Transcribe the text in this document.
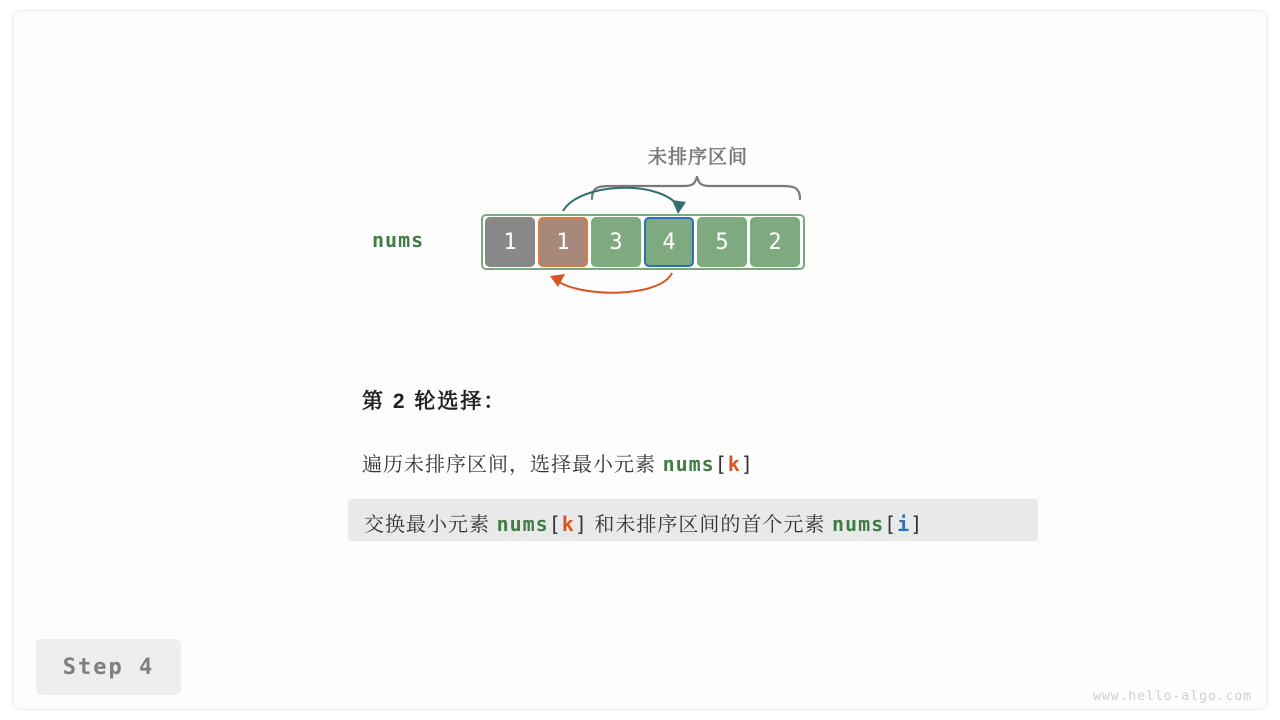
未排序区间
nums	1	1	3	4	5	2
第 2 轮选择：
遍历未排序区间，选择最小元素 nums[k]
交换最小元素 nums[k] 和未排序区间的首个元素 nums[i]
Step 4
www.hello-algo.com
